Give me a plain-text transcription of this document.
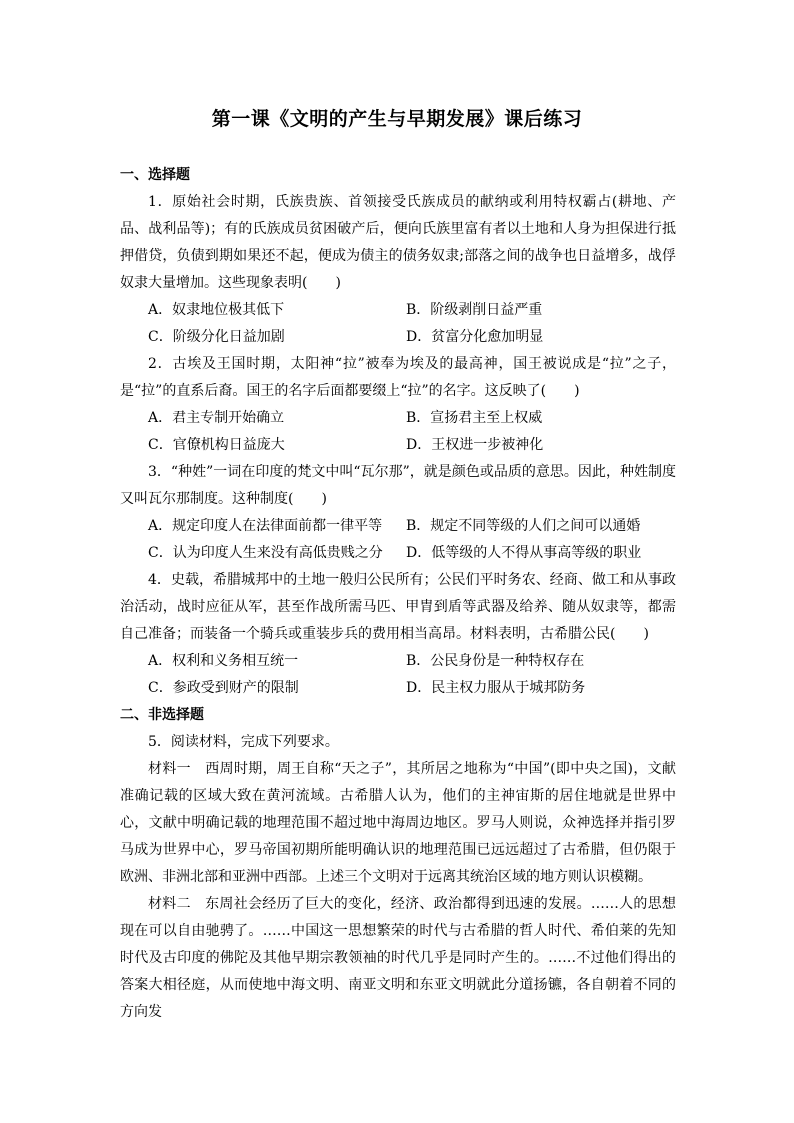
第一课《文明的产生与早期发展》课后练习
一、选择题

1．原始社会时期，氏族贵族、首领接受氏族成员的献纳或利用特权霸占(耕地、产品、战利品等)；有的氏族成员贫困破产后，便向氏族里富有者以土地和人身为担保进行抵押借贷，负债到期如果还不起，便成为债主的债务奴隶;部落之间的战争也日益增多，战俘奴隶大量增加。这些现象表明(　　)

A．奴隶地位极其低下	B．阶级剥削日益严重
C．阶级分化日益加剧	D．贫富分化愈加明显

2．古埃及王国时期，太阳神“拉”被奉为埃及的最高神，国王被说成是“拉”之子，是“拉”的直系后裔。国王的名字后面都要缀上“拉”的名字。这反映了(　　)

A．君主专制开始确立	B．宣扬君主至上权威
C．官僚机构日益庞大	D．王权进一步被神化

3．“种姓”一词在印度的梵文中叫“瓦尔那”，就是颜色或品质的意思。因此，种姓制度又叫瓦尔那制度。这种制度(　　)

A．规定印度人在法律面前都一律平等	B．规定不同等级的人们之间可以通婚
C．认为印度人生来没有高低贵贱之分	D．低等级的人不得从事高等级的职业

4．史载，希腊城邦中的土地一般归公民所有；公民们平时务农、经商、做工和从事政治活动，战时应征从军，甚至作战所需马匹、甲胄到盾等武器及给养、随从奴隶等，都需自己准备；而装备一个骑兵或重装步兵的费用相当高昂。材料表明，古希腊公民(　　)

A．权利和义务相互统一	B．公民身份是一种特权存在
C．参政受到财产的限制	D．民主权力服从于城邦防务
二、非选择题

5．阅读材料，完成下列要求。

材料一　西周时期，周王自称“天之子”，其所居之地称为“中国”(即中央之国)，文献准确记载的区域大致在黄河流域。古希腊人认为，他们的主神宙斯的居住地就是世界中心，文献中明确记载的地理范围不超过地中海周边地区。罗马人则说，众神选择并指引罗马成为世界中心，罗马帝国初期所能明确认识的地理范围已远远超过了古希腊，但仍限于欧洲、非洲北部和亚洲中西部。上述三个文明对于远离其统治区域的地方则认识模糊。

材料二　东周社会经历了巨大的变化，经济、政治都得到迅速的发展。……人的思想现在可以自由驰骋了。……中国这一思想繁荣的时代与古希腊的哲人时代、希伯莱的先知时代及古印度的佛陀及其他早期宗教领袖的时代几乎是同时产生的。……不过他们得出的答案大相径庭，从而使地中海文明、南亚文明和东亚文明就此分道扬镳，各自朝着不同的方向发
